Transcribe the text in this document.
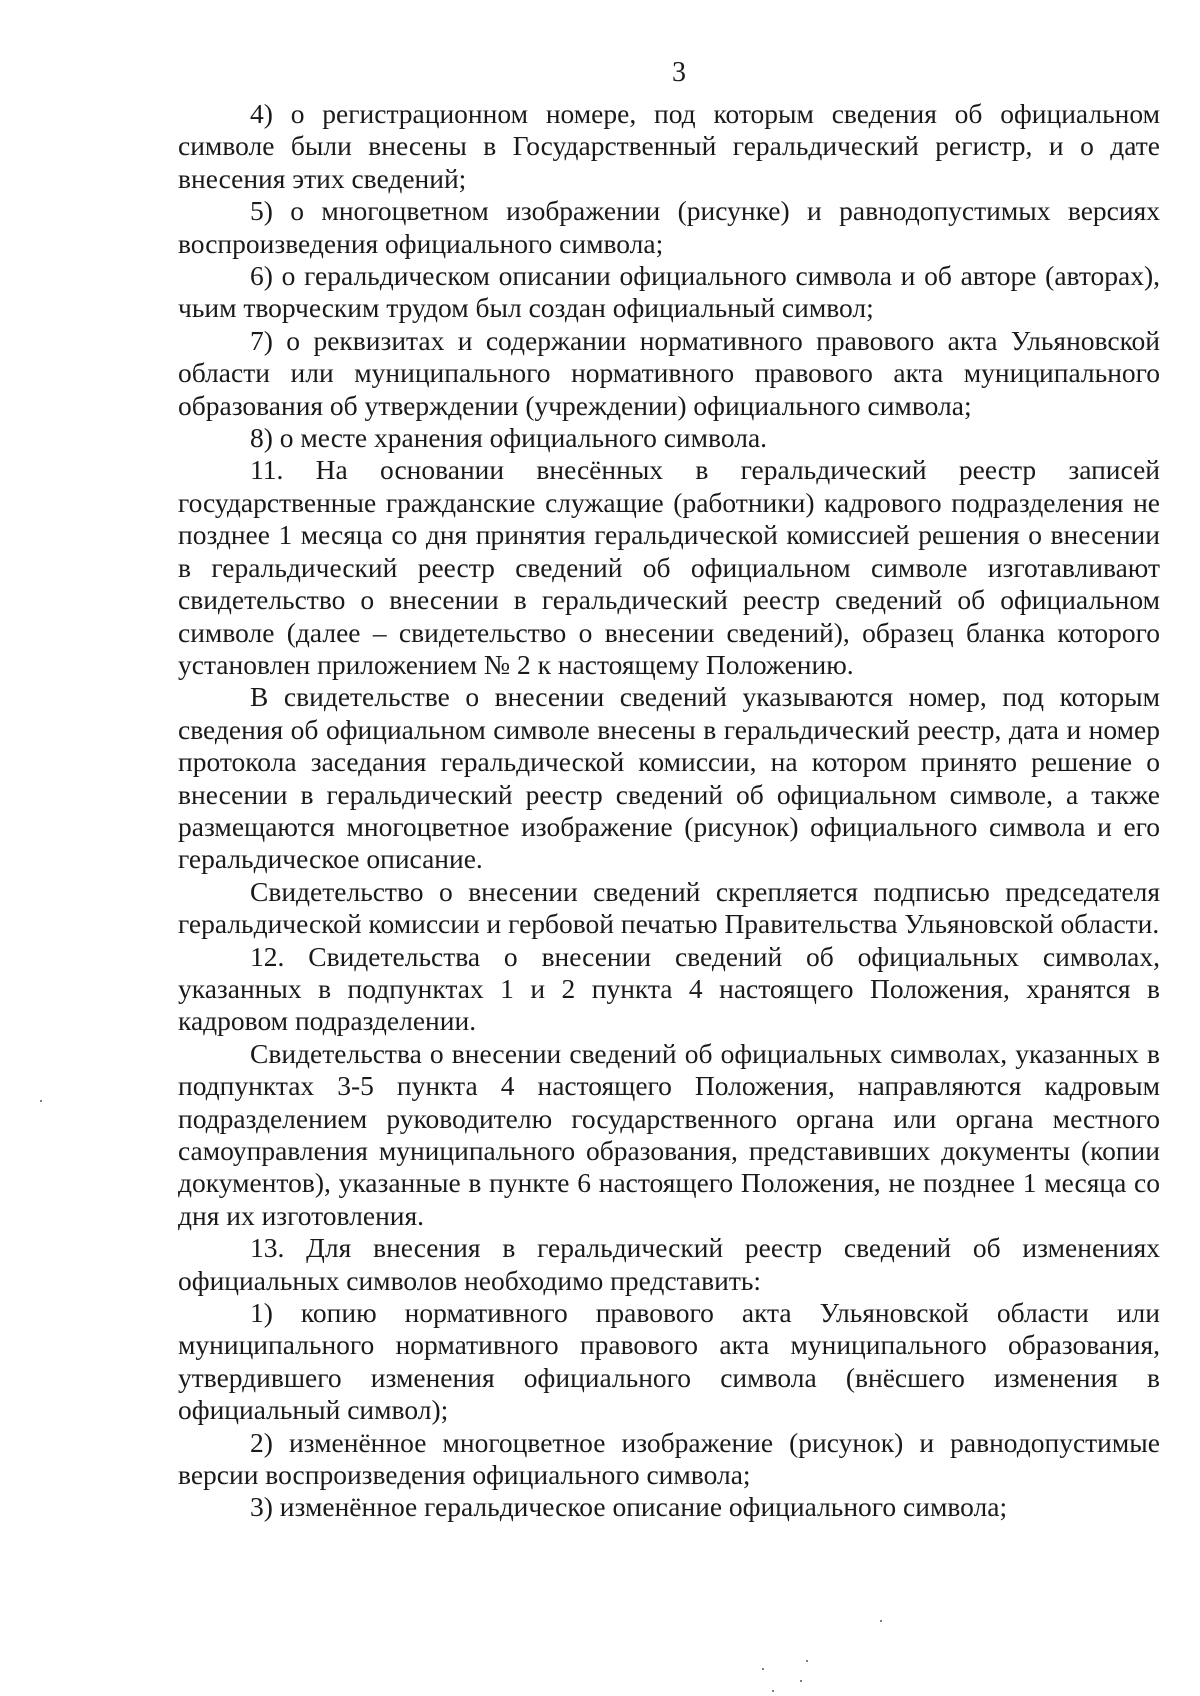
3

4) о регистрационном номере, под которым сведения об официальном символе были внесены в Государственный геральдический регистр, и о дате внесения этих сведений;

5) о многоцветном изображении (рисунке) и равнодопустимых версиях воспроизведения официального символа;

6) о геральдическом описании официального символа и об авторе (авторах), чьим творческим трудом был создан официальный символ;

7) о реквизитах и содержании нормативного правового акта Ульяновской области или муниципального нормативного правового акта муниципального образования об утверждении (учреждении) официального символа;

8) о месте хранения официального символа.

11. На основании внесённых в геральдический реестр записей государственные гражданские служащие (работники) кадрового подразделения не позднее 1 месяца со дня принятия геральдической комиссией решения о внесении в геральдический реестр сведений об официальном символе изготавливают свидетельство о внесении в геральдический реестр сведений об официальном символе (далее – свидетельство о внесении сведений), образец бланка которого установлен приложением № 2 к настоящему Положению.

В свидетельстве о внесении сведений указываются номер, под которым сведения об официальном символе внесены в геральдический реестр, дата и номер протокола заседания геральдической комиссии, на котором принято решение о внесении в геральдический реестр сведений об официальном символе, а также размещаются многоцветное изображение (рисунок) официального символа и его геральдическое описание.

Свидетельство о внесении сведений скрепляется подписью председателя геральдической комиссии и гербовой печатью Правительства Ульяновской области.

12. Свидетельства о внесении сведений об официальных символах, указанных в подпунктах 1 и 2 пункта 4 настоящего Положения, хранятся в кадровом подразделении.

Свидетельства о внесении сведений об официальных символах, указанных в подпунктах 3-5 пункта 4 настоящего Положения, направляются кадровым подразделением руководителю государственного органа или органа местного самоуправления муниципального образования, представивших документы (копии документов), указанные в пункте 6 настоящего Положения, не позднее 1 месяца со дня их изготовления.

13. Для внесения в геральдический реестр сведений об изменениях официальных символов необходимо представить:

1) копию нормативного правового акта Ульяновской области или муниципального нормативного правового акта муниципального образования, утвердившего изменения официального символа (внёсшего изменения в официальный символ);

2) изменённое многоцветное изображение (рисунок) и равнодопустимые версии воспроизведения официального символа;

3) изменённое геральдическое описание официального символа;
